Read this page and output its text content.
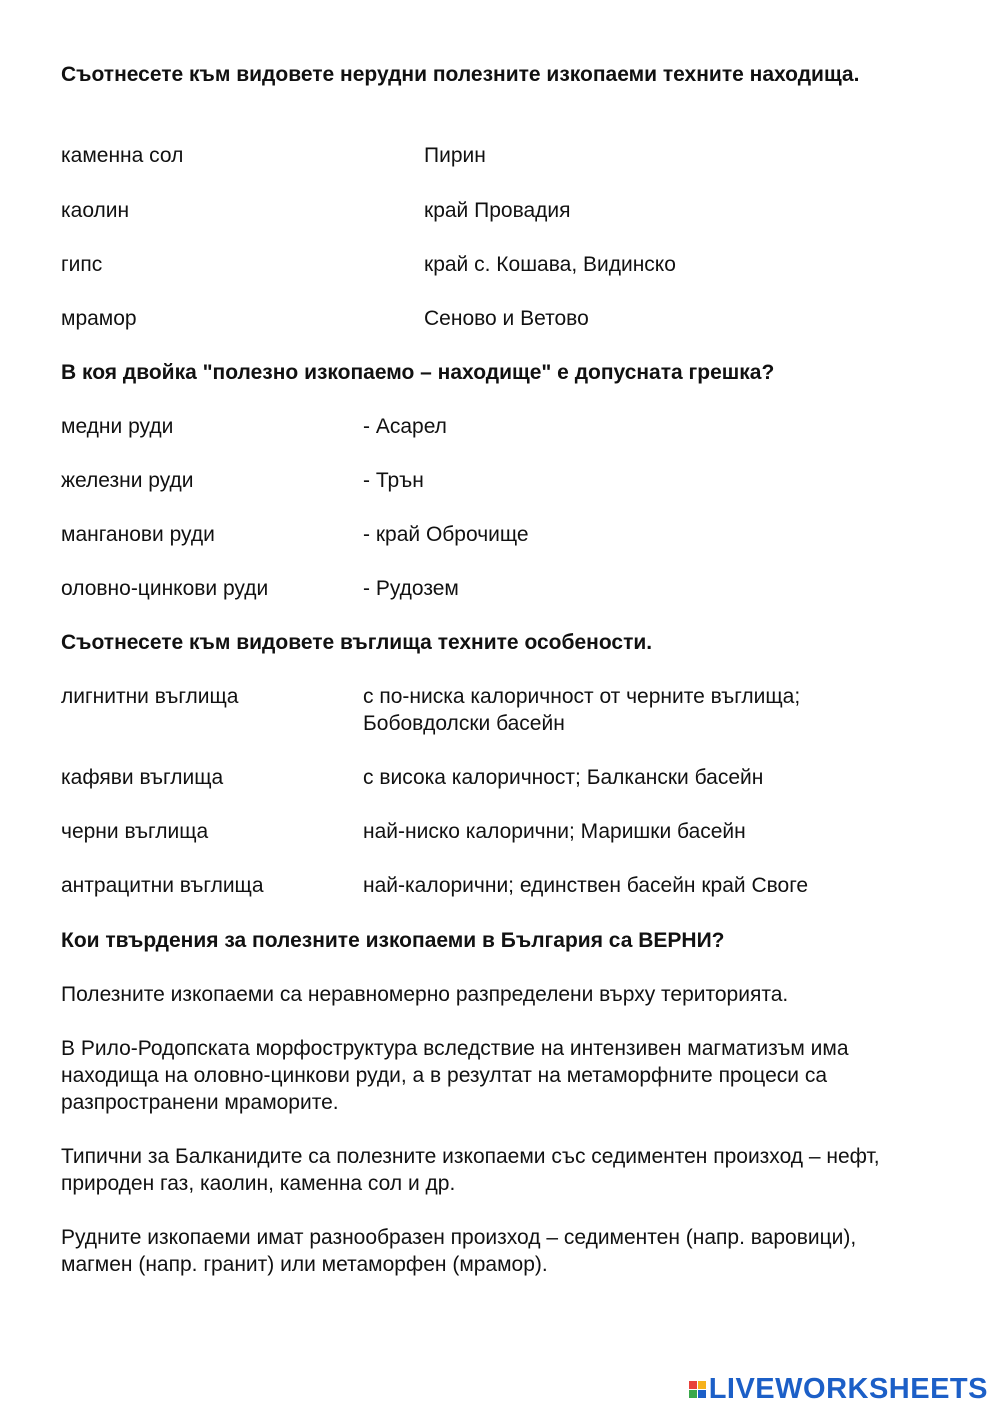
Съотнесете към видовете нерудни полезните изкопаеми техните находища.

каменна сол	Пирин
каолин	край Провадия
гипс	край с. Кошава, Видинско
мрамор	Сеново и Ветово

В коя двойка "полезно изкопаемо – находище" е допусната грешка?

медни руди	- Асарел
железни руди	- Трън
манганови руди	- край Оброчище
оловно-цинкови руди	- Рудозем

Съотнесете към видовете въглища техните особености.

лигнитни въглища	с по-ниска калоричност от черните въглища;
Бобовдолски басейн
кафяви въглища	с висока калоричност; Балкански басейн
черни въглища	най-ниско калорични; Маришки басейн
антрацитни въглища	най-калорични; единствен басейн край Своге

Кои твърдения за полезните изкопаеми в България са ВЕРНИ?

Полезните изкопаеми са неравномерно разпределени върху територията.

В Рило-Родопската морфоструктура вследствие на интензивен магматизъм има находища на оловно-цинкови руди, а в резултат на метаморфните процеси са разпространени мраморите.

Типични за Балканидите са полезните изкопаеми със седиментен произход – нефт, природен газ, каолин, каменна сол и др.

Рудните изкопаеми имат разнообразен произход – седиментен (напр. варовици), магмен (напр. гранит) или метаморфен (мрамор).

LIVEWORKSHEETS
